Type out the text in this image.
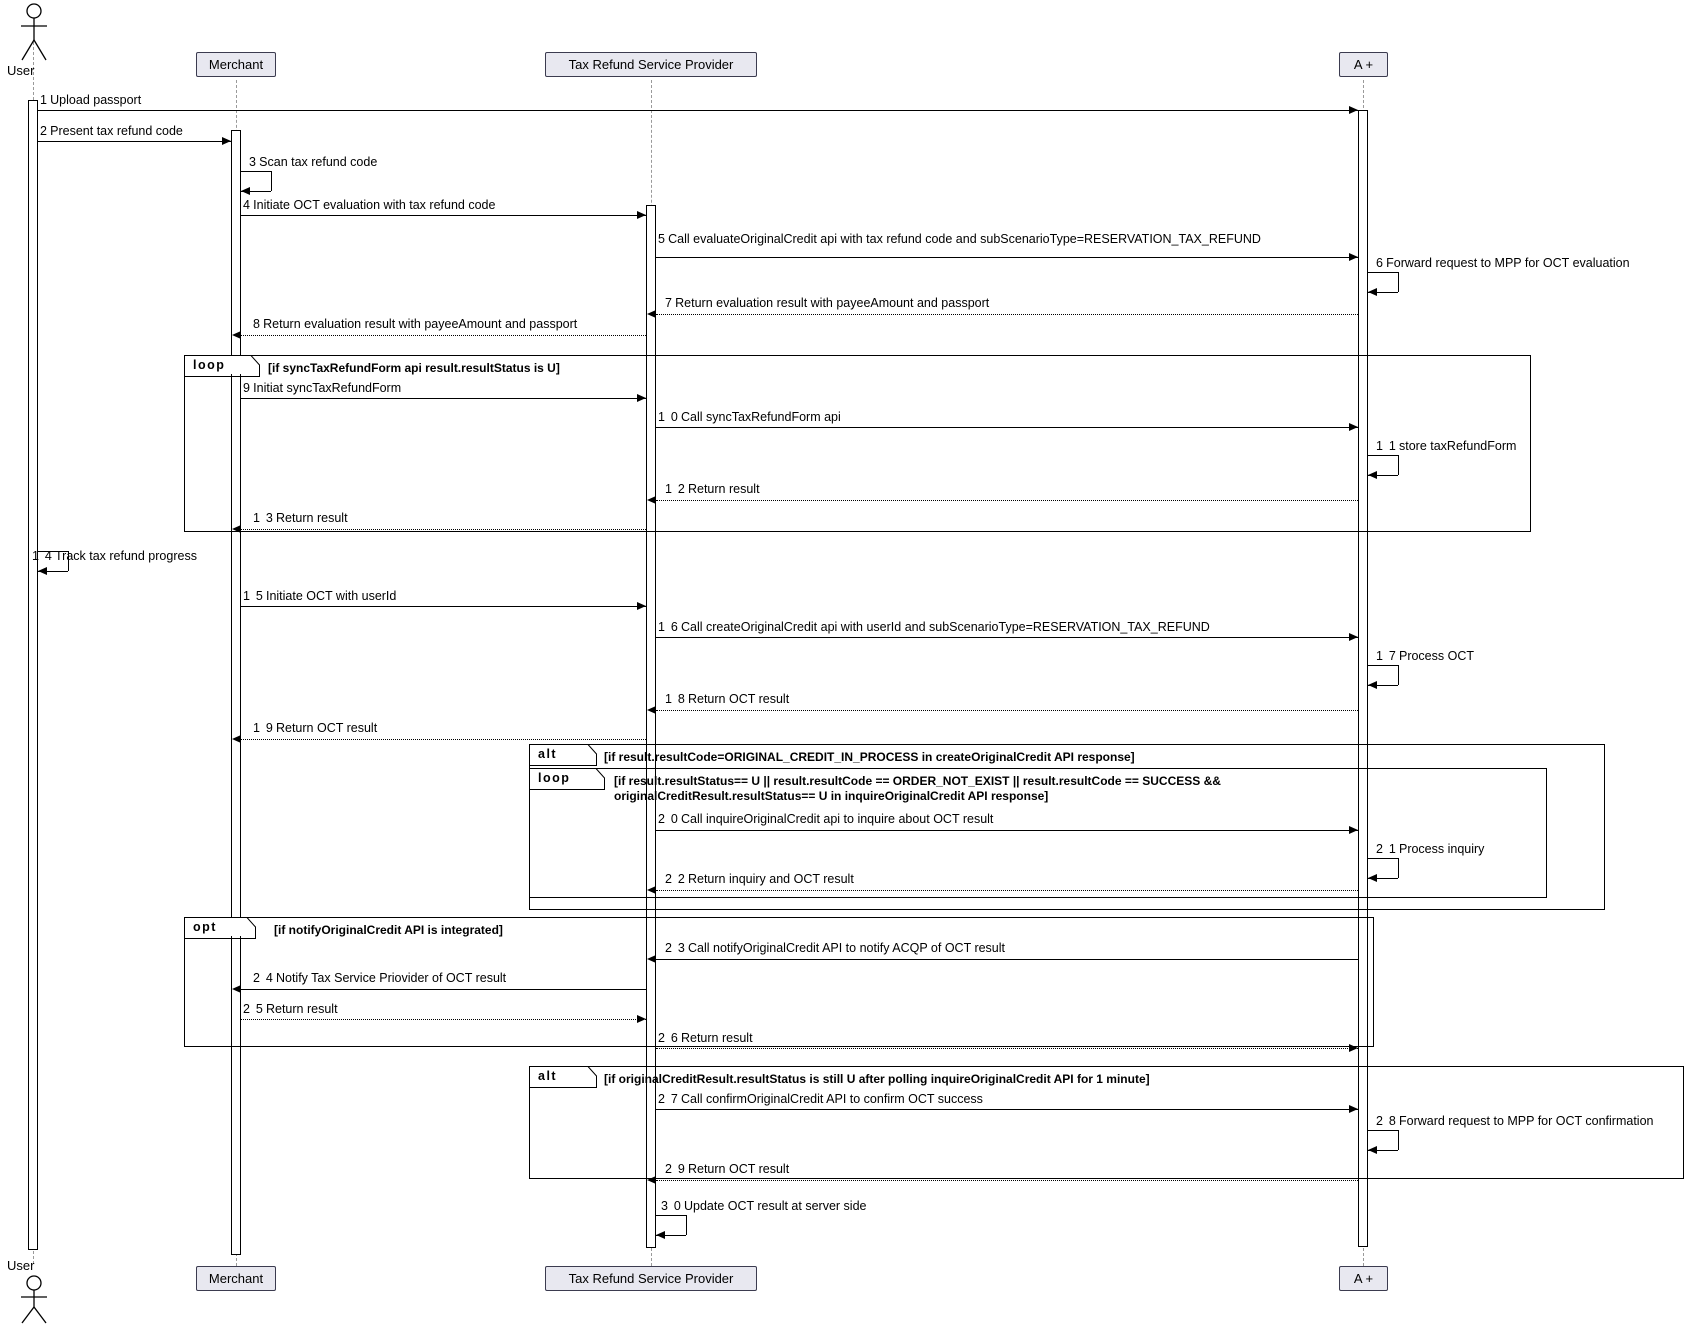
User
User
Merchant	Tax Refund Service Provider	A +
Merchant	Tax Refund Service Provider	A +
loop	[if syncTaxRefundForm api result.resultStatus is U]
alt	[if result.resultCode=ORIGINAL_CREDIT_IN_PROCESS in createOriginalCredit API response]
loop	[if result.resultStatus== U || result.resultCode == ORDER_NOT_EXIST || result.resultCode == SUCCESS && originalCreditResult.resultStatus== U in inquireOriginalCredit API response]
opt	[if notifyOriginalCredit API is integrated]
alt	[if originalCreditResult.resultStatus is still U after polling inquireOriginalCredit API for 1 minute]
1 Upload passport
2 Present tax refund code
3 Scan tax refund code
4 Initiate OCT evaluation with tax refund code
5 Call evaluateOriginalCredit api with tax refund code and subScenarioType=RESERVATION_TAX_REFUND
6 Forward request to MPP for OCT evaluation
7 Return evaluation result with payeeAmount and passport
8 Return evaluation result with payeeAmount and passport
9 Initiat syncTaxRefundForm
1 0 Call syncTaxRefundForm api
1 1 store taxRefundForm
1 2 Return result
1 3 Return result
1 4 Track tax refund progress
1 5 Initiate OCT with userId
1 6 Call createOriginalCredit api with userId and subScenarioType=RESERVATION_TAX_REFUND
1 7 Process OCT
1 8 Return OCT result
1 9 Return OCT result
2 0 Call inquireOriginalCredit api to inquire about OCT result
2 1 Process inquiry
2 2 Return inquiry and OCT result
2 3 Call notifyOriginalCredit API to notify ACQP of OCT result
2 4 Notify Tax Service Priovider of OCT result
2 5 Return result
2 6 Return result
2 7 Call confirmOriginalCredit API to confirm OCT success
2 8 Forward request to MPP for OCT confirmation
2 9 Return OCT result
3 0 Update OCT result at server side
